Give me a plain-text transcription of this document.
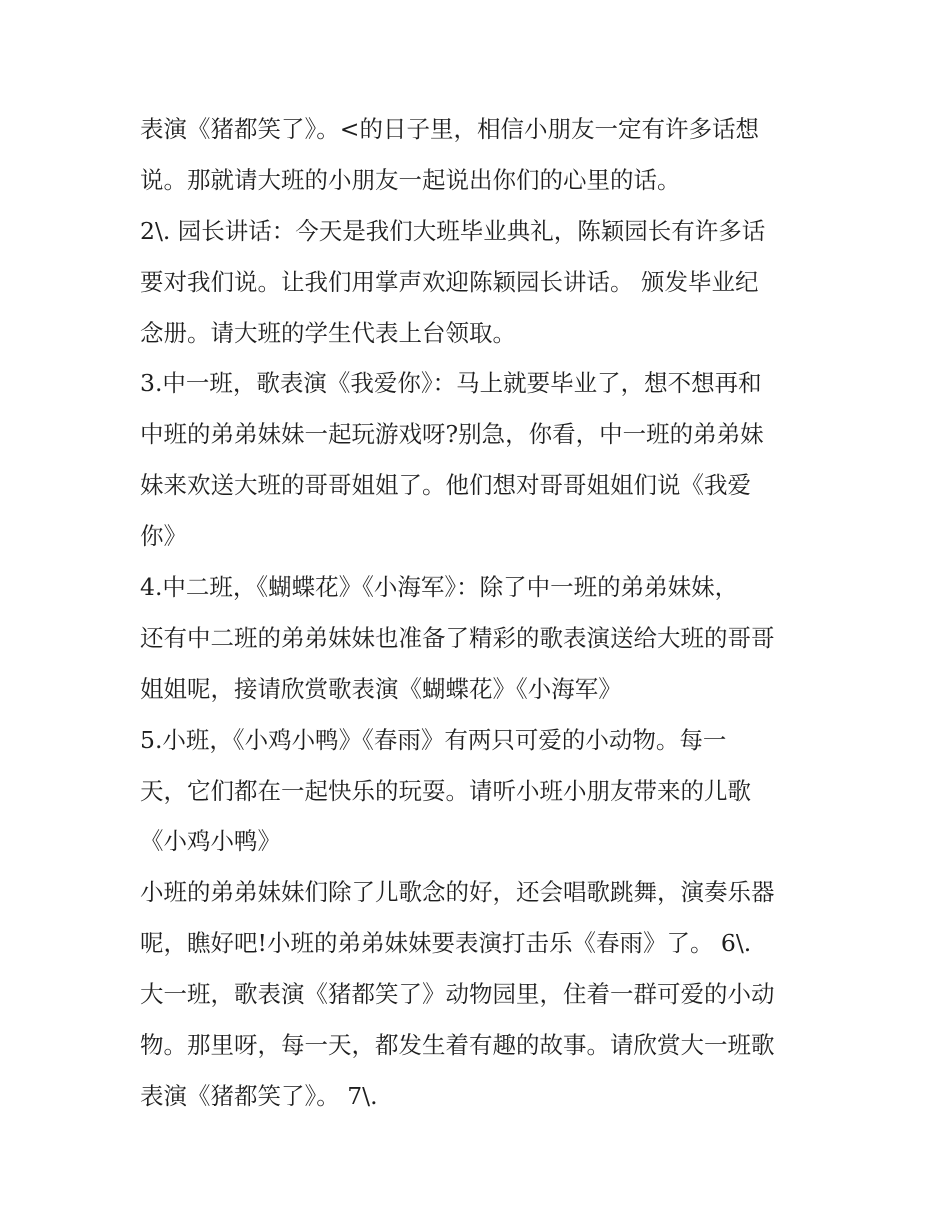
表演《猪都笑了》。<的日子里，相信小朋友一定有许多话想
说。那就请大班的小朋友一起说出你们的心里的话。
2\. 园长讲话：今天是我们大班毕业典礼，陈颖园长有许多话
要对我们说。让我们用掌声欢迎陈颖园长讲话。 颁发毕业纪
念册。请大班的学生代表上台领取。
3.中一班，歌表演《我爱你》：马上就要毕业了，想不想再和
中班的弟弟妹妹一起玩游戏呀?别急，你看，中一班的弟弟妹
妹来欢送大班的哥哥姐姐了。他们想对哥哥姐姐们说《我爱
你》
4.中二班，《蝴蝶花》《小海军》：除了中一班的弟弟妹妹，
还有中二班的弟弟妹妹也准备了精彩的歌表演送给大班的哥哥
姐姐呢，接请欣赏歌表演《蝴蝶花》《小海军》
5.小班，《小鸡小鸭》《春雨》有两只可爱的小动物。每一
天，它们都在一起快乐的玩耍。请听小班小朋友带来的儿歌
《小鸡小鸭》
小班的弟弟妹妹们除了儿歌念的好，还会唱歌跳舞，演奏乐器
呢，瞧好吧!小班的弟弟妹妹要表演打击乐《春雨》了。 6\.
大一班，歌表演《猪都笑了》动物园里，住着一群可爱的小动
物。那里呀，每一天，都发生着有趣的故事。请欣赏大一班歌
表演《猪都笑了》。 7\.
